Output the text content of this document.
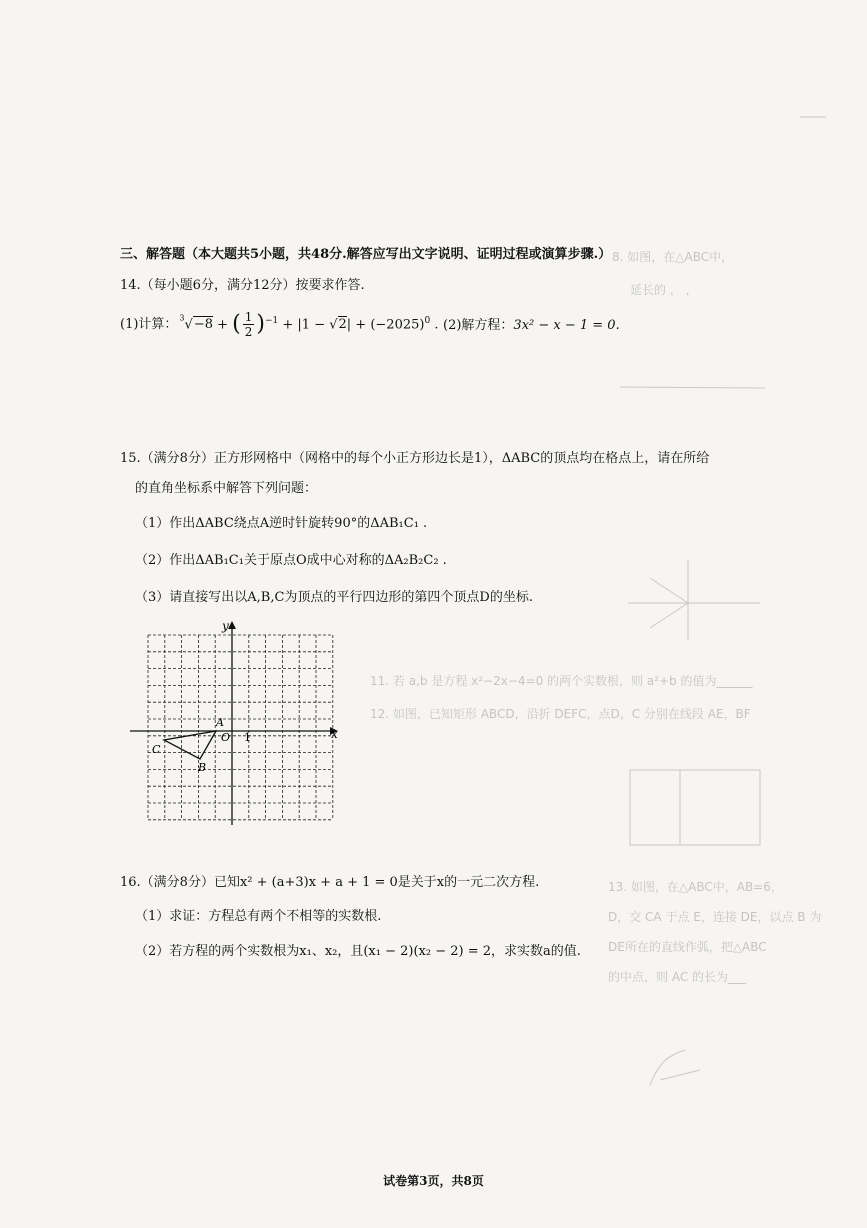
8. 如图，在△ABC中，
延长的 ， ，
11. 若 a,b 是方程 x²−2x−4=0 的两个实数根，则 a²+b 的值为______
12. 如图，已知矩形 ABCD，沿折 DEFC，点D，C 分别在线段 AE，BF
13. 如图，在△ABC中，AB=6，
D，交 CA 于点 E，连接 DE，以点 B 为
DE所在的直线作弧，把△ABC
的中点，则 AC 的长为___
三、解答题（本大题共5小题，共48分.解答应写出文字说明、证明过程或演算步骤.）
14.（每小题6分，满分12分）按要求作答.
(1)计算： $^3$√−8 + ( $\frac{1}{2} )^{-1} + |1 - √2| + (-2025)^0$ . (2)解方程：3x² − x − 1 = 0.
15.（满分8分）正方形网格中（网格中的每个小正方形边长是1），ΔABC的顶点均在格点上，请在所给
的直角坐标系中解答下列问题：
（1）作出ΔABC绕点A逆时针旋转90°的ΔAB₁C₁ .
（2）作出ΔAB₁C₁关于原点O成中心对称的ΔA₂B₂C₂ .
（3）请直接写出以A,B,C为顶点的平行四边形的第四个顶点D的坐标.
x
y
O 1
A
B
C
16.（满分8分）已知x² + (a+3)x + a + 1 = 0是关于x的一元二次方程.
（1）求证：方程总有两个不相等的实数根.
（2）若方程的两个实数根为x₁、x₂，且(x₁ − 2)(x₂ − 2) = 2，求实数a的值.
试卷第3页，共8页
